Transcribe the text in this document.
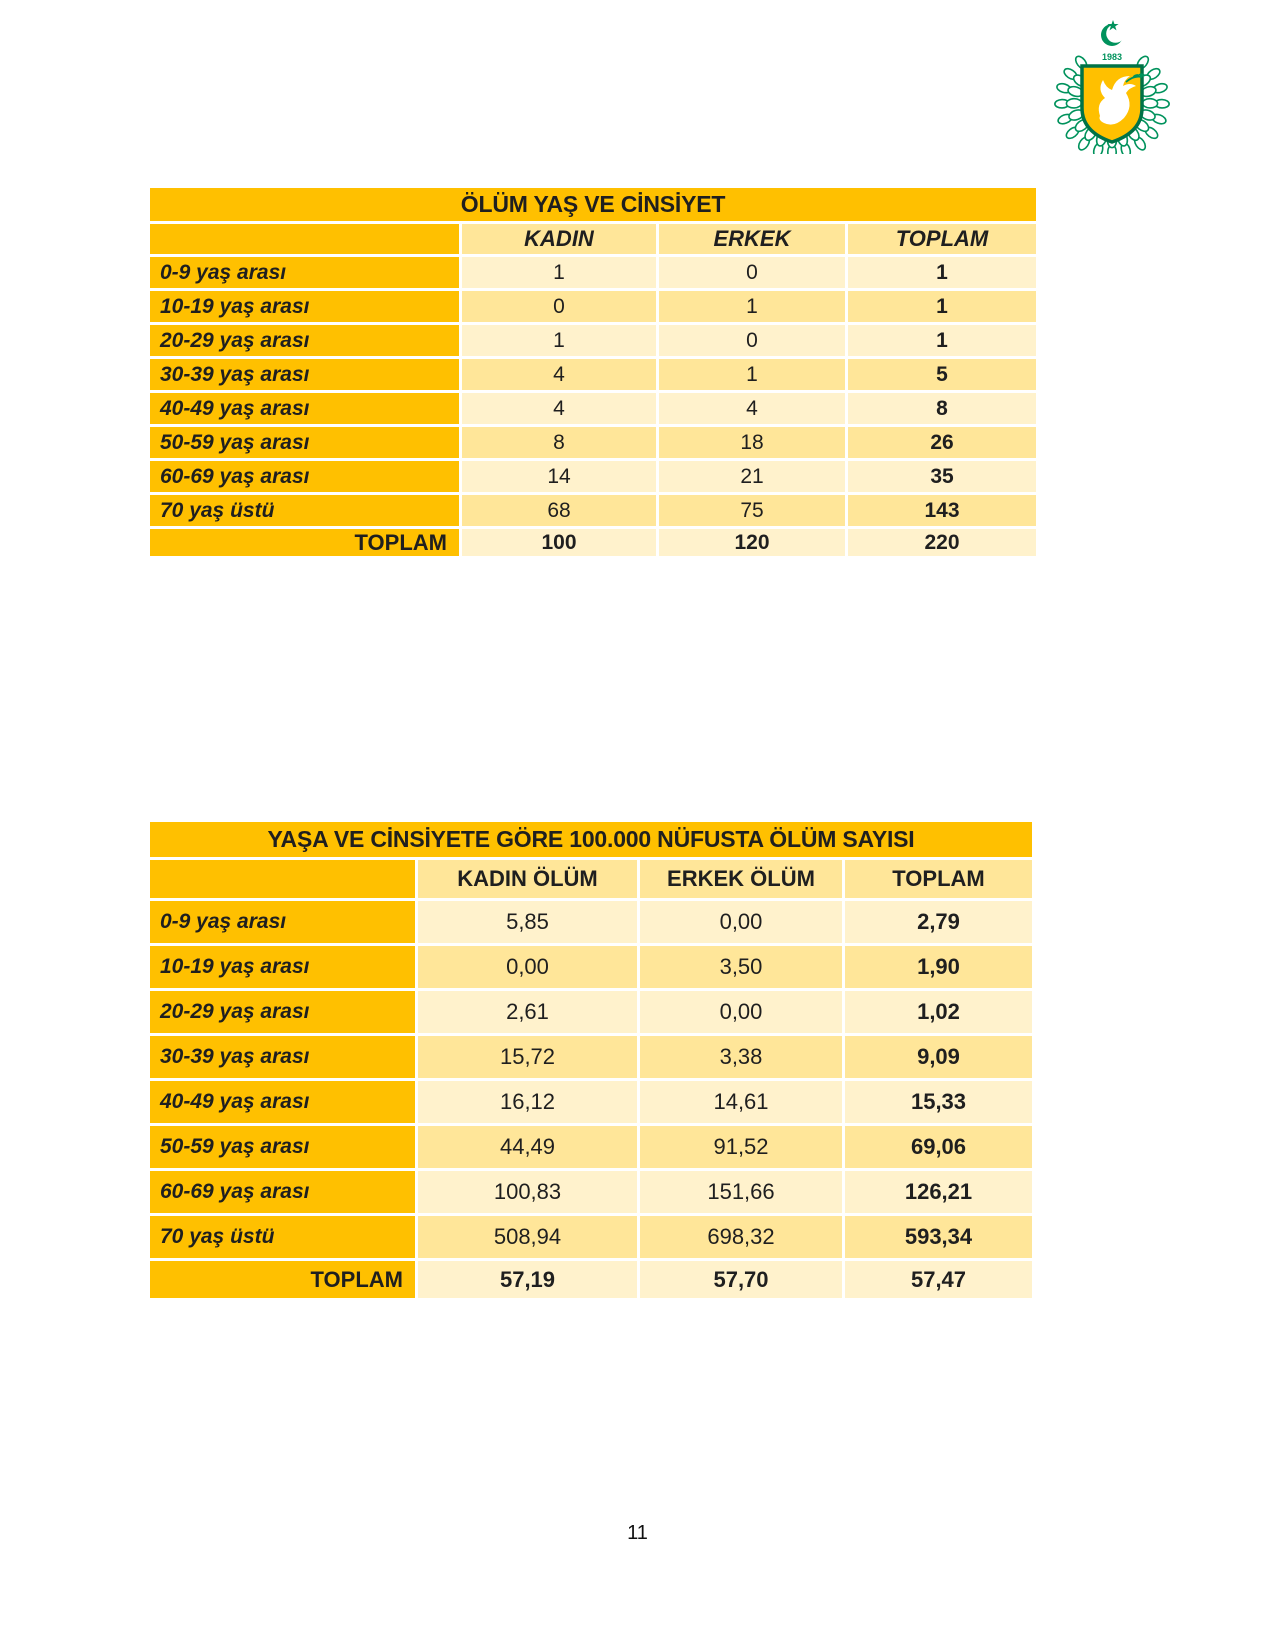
1983
ÖLÜM YAŞ VE CİNSİYET
KADIN	ERKEK	TOPLAM
0-9 yaş arası	1	0	1
10-19 yaş arası	0	1	1
20-29 yaş arası	1	0	1
30-39 yaş arası	4	1	5
40-49 yaş arası	4	4	8
50-59 yaş arası	8	18	26
60-69 yaş arası	14	21	35
70 yaş üstü	68	75	143
TOPLAM	100	120	220
YAŞA VE CİNSİYETE GÖRE 100.000 NÜFUSTA ÖLÜM SAYISI
KADIN ÖLÜM	ERKEK ÖLÜM	TOPLAM
0-9 yaş arası	5,85	0,00	2,79
10-19 yaş arası	0,00	3,50	1,90
20-29 yaş arası	2,61	0,00	1,02
30-39 yaş arası	15,72	3,38	9,09
40-49 yaş arası	16,12	14,61	15,33
50-59 yaş arası	44,49	91,52	69,06
60-69 yaş arası	100,83	151,66	126,21
70 yaş üstü	508,94	698,32	593,34
TOPLAM	57,19	57,70	57,47
11
